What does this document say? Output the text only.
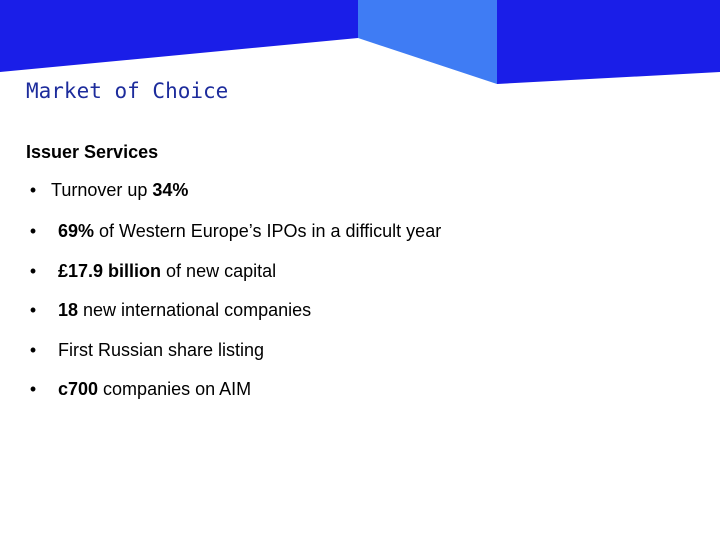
Market of Choice
Issuer Services
• Turnover up 34%
• 69% of Western Europe’s IPOs in a difficult year
• £17.9 billion of new capital
• 18 new international companies
• First Russian share listing
• c700 companies on AIM
